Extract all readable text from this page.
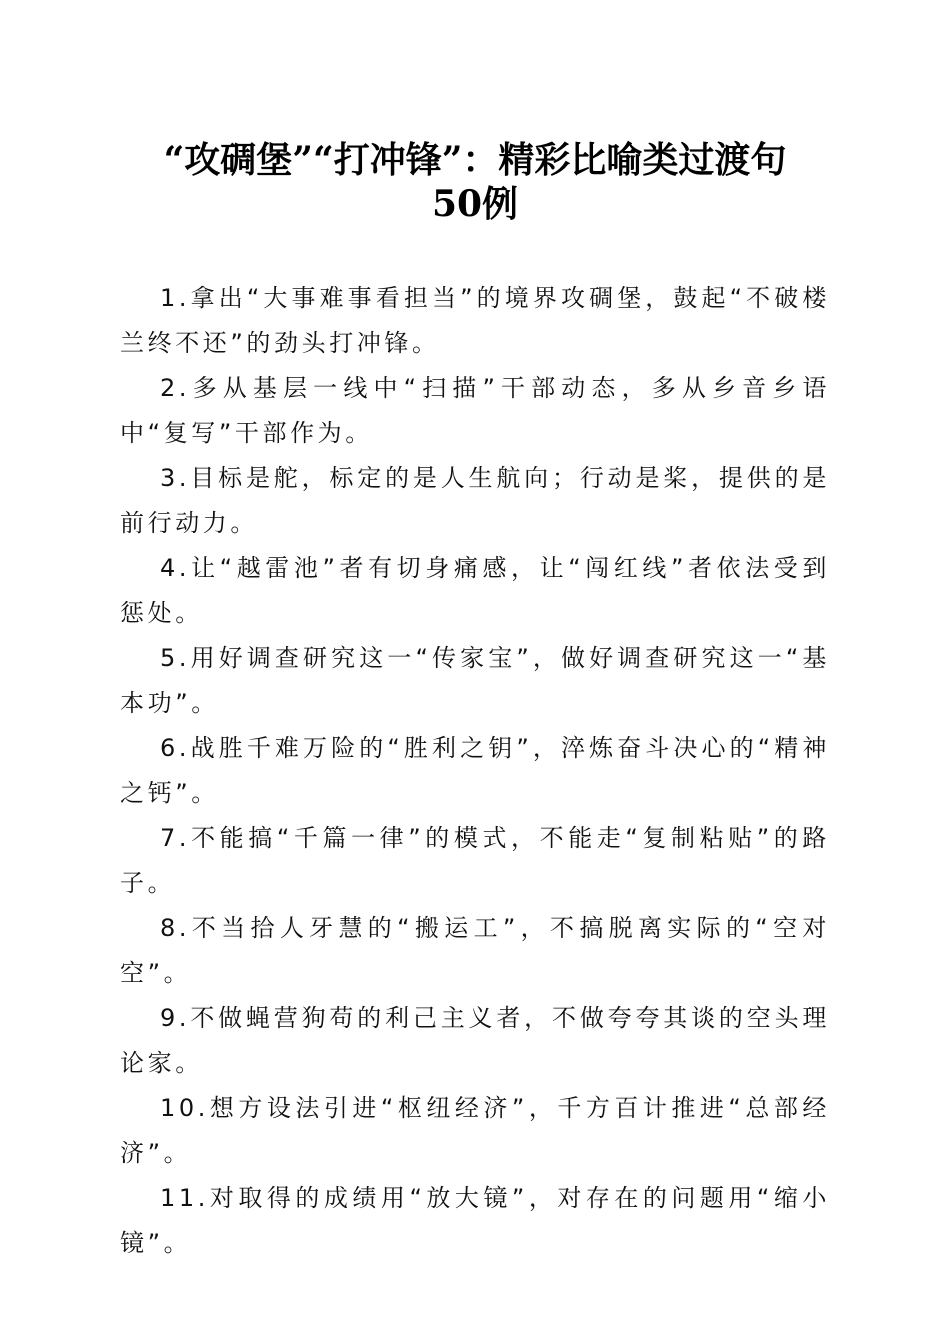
“攻碉堡”“打冲锋”：精彩比喻类过渡句
50例

1.拿出“大事难事看担当”的境界攻碉堡，鼓起“不破楼兰终不还”的劲头打冲锋。

2.多从基层一线中“扫描”干部动态，多从乡音乡语中“复写”干部作为。

3.目标是舵，标定的是人生航向；行动是桨，提供的是前行动力。

4.让“越雷池”者有切身痛感，让“闯红线”者依法受到惩处。

5.用好调查研究这一“传家宝”，做好调查研究这一“基本功”。

6.战胜千难万险的“胜利之钥”，淬炼奋斗决心的“精神之钙”。

7.不能搞“千篇一律”的模式，不能走“复制粘贴”的路子。

8.不当拾人牙慧的“搬运工”，不搞脱离实际的“空对空”。

9.不做蝇营狗苟的利己主义者，不做夸夸其谈的空头理论家。

10.想方设法引进“枢纽经济”，千方百计推进“总部经济”。

11.对取得的成绩用“放大镜”，对存在的问题用“缩小镜”。
